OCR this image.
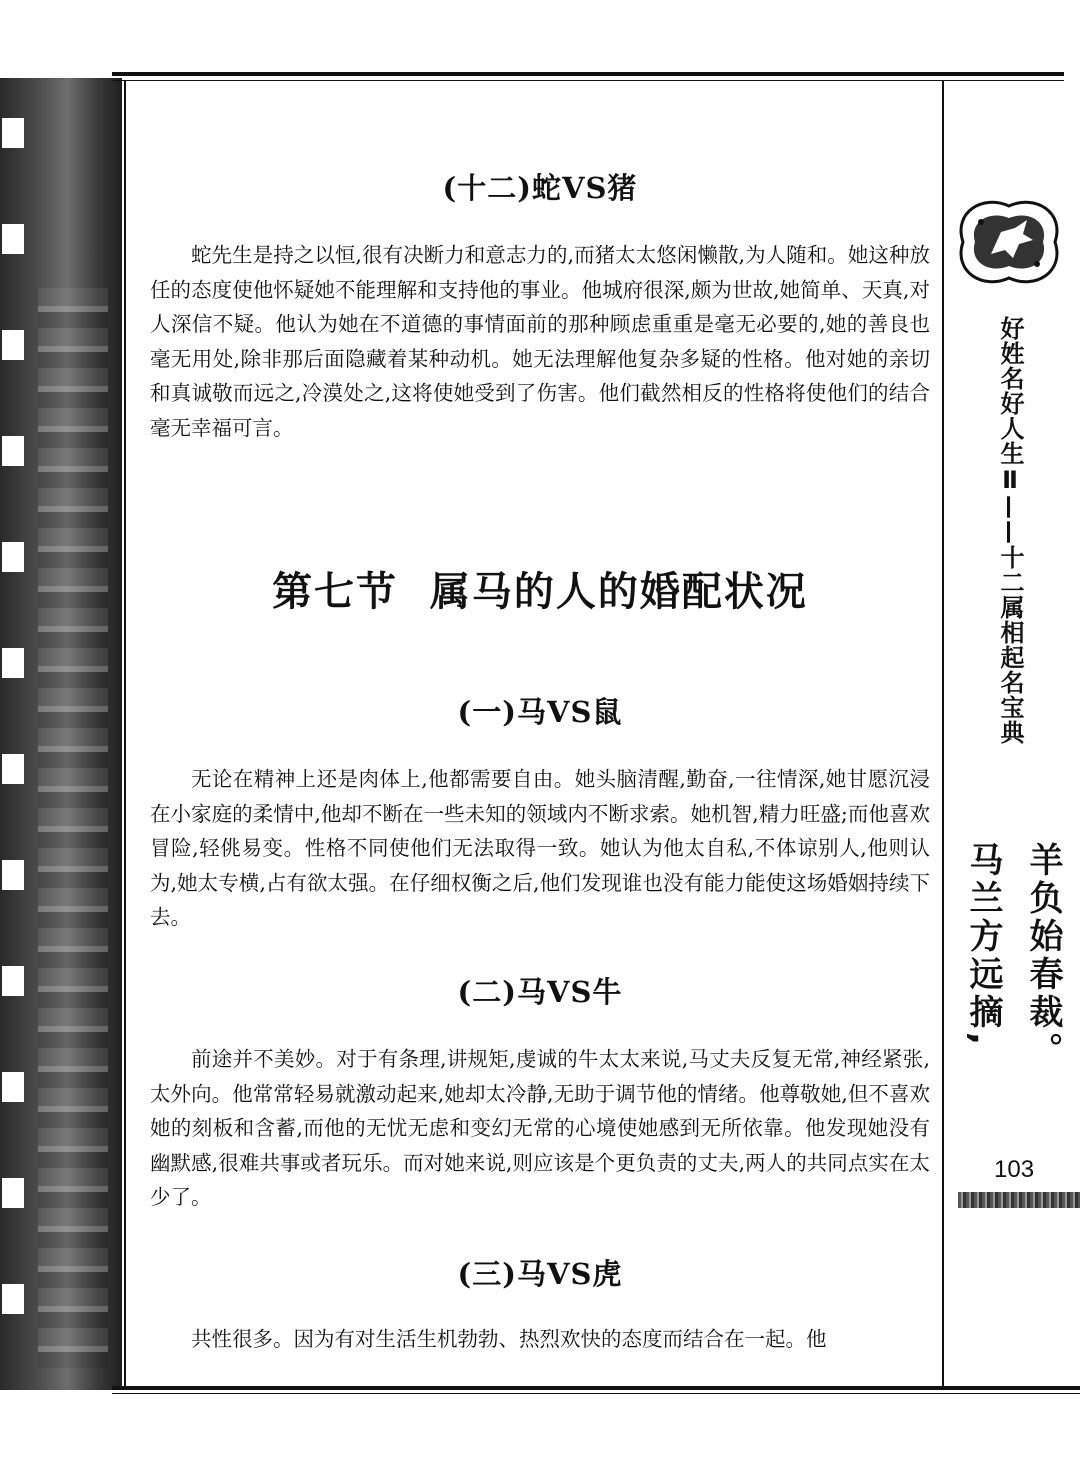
(十二)蛇VS猪

蛇先生是持之以恒,很有决断力和意志力的,而猪太太悠闲懒散,为人随和。她这种放任的态度使他怀疑她不能理解和支持他的事业。他城府很深,颇为世故,她简单、天真,对人深信不疑。他认为她在不道德的事情面前的那种顾虑重重是毫无必要的,她的善良也毫无用处,除非那后面隐藏着某种动机。她无法理解他复杂多疑的性格。他对她的亲切和真诚敬而远之,冷漠处之,这将使她受到了伤害。他们截然相反的性格将使他们的结合毫无幸福可言。

第七节  属马的人的婚配状况
(一)马VS鼠

无论在精神上还是肉体上,他都需要自由。她头脑清醒,勤奋,一往情深,她甘愿沉浸在小家庭的柔情中,他却不断在一些未知的领域内不断求索。她机智,精力旺盛;而他喜欢冒险,轻佻易变。性格不同使他们无法取得一致。她认为他太自私,不体谅别人,他则认为,她太专横,占有欲太强。在仔细权衡之后,他们发现谁也没有能力能使这场婚姻持续下去。

(二)马VS牛

前途并不美妙。对于有条理,讲规矩,虔诚的牛太太来说,马丈夫反复无常,神经紧张,太外向。他常常轻易就激动起来,她却太冷静,无助于调节他的情绪。他尊敬她,但不喜欢她的刻板和含蓄,而他的无忧无虑和变幻无常的心境使她感到无所依靠。他发现她没有幽默感,很难共事或者玩乐。而对她来说,则应该是个更负责的丈夫,两人的共同点实在太少了。

(三)马VS虎

共性很多。因为有对生活生机勃勃、热烈欢快的态度而结合在一起。他

好姓名好人生Ⅱ——十二属相起名宝典
羊负始春裁。
马兰方远摘,
103
